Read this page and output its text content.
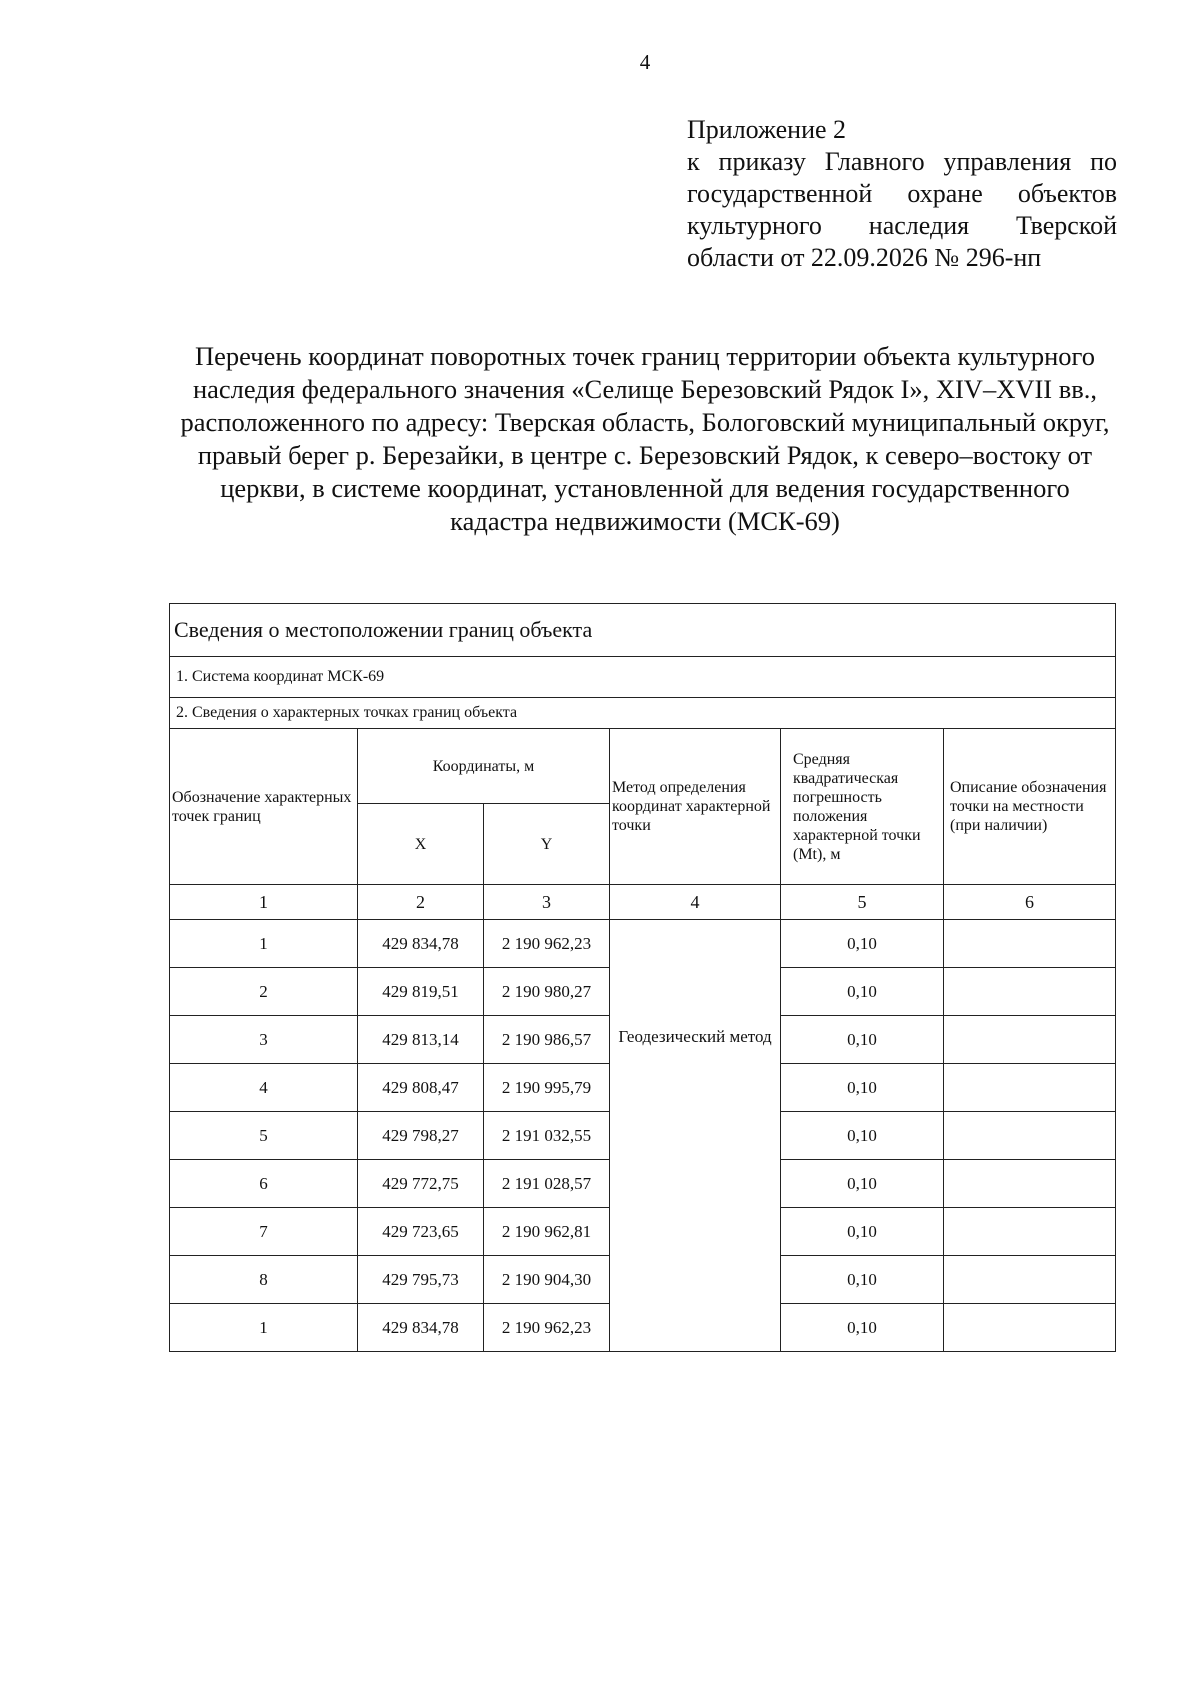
4
Приложение 2
к приказу Главного управления по
государственной охране объектов
культурного наследия Тверской
области от 22.09.2026 № 296-нп
Перечень координат поворотных точек границ территории объекта культурного наследия федерального значения «Селище Березовский Рядок I», XIV–XVII вв., расположенного по адресу: Тверская область, Бологовский муниципальный округ, правый берег р. Березайки, в центре с. Березовский Рядок, к северо–востоку от церкви, в системе координат, установленной для ведения государственного кадастра недвижимости (МСК-69)
Сведения о местоположении границ объекта					
1. Система координат МСК-69					
2. Сведения о характерных точках границ объекта					
Обозначение характерных точек границ	Координаты, м		Метод определения координат характерной точки	Средняя квадратическая погрешность положения характерной точки (Mt), м	Описание обозначения точки на местности (при наличии)
	X	Y			
1	2	3	4	5	6
1	429 834,78	2 190 962,23	Геодезический метод	0,10	
2	429 819,51	2 190 980,27		0,10	
3	429 813,14	2 190 986,57		0,10	
4	429 808,47	2 190 995,79		0,10	
5	429 798,27	2 191 032,55		0,10	
6	429 772,75	2 191 028,57		0,10	
7	429 723,65	2 190 962,81		0,10	
8	429 795,73	2 190 904,30		0,10	
1	429 834,78	2 190 962,23		0,10	
